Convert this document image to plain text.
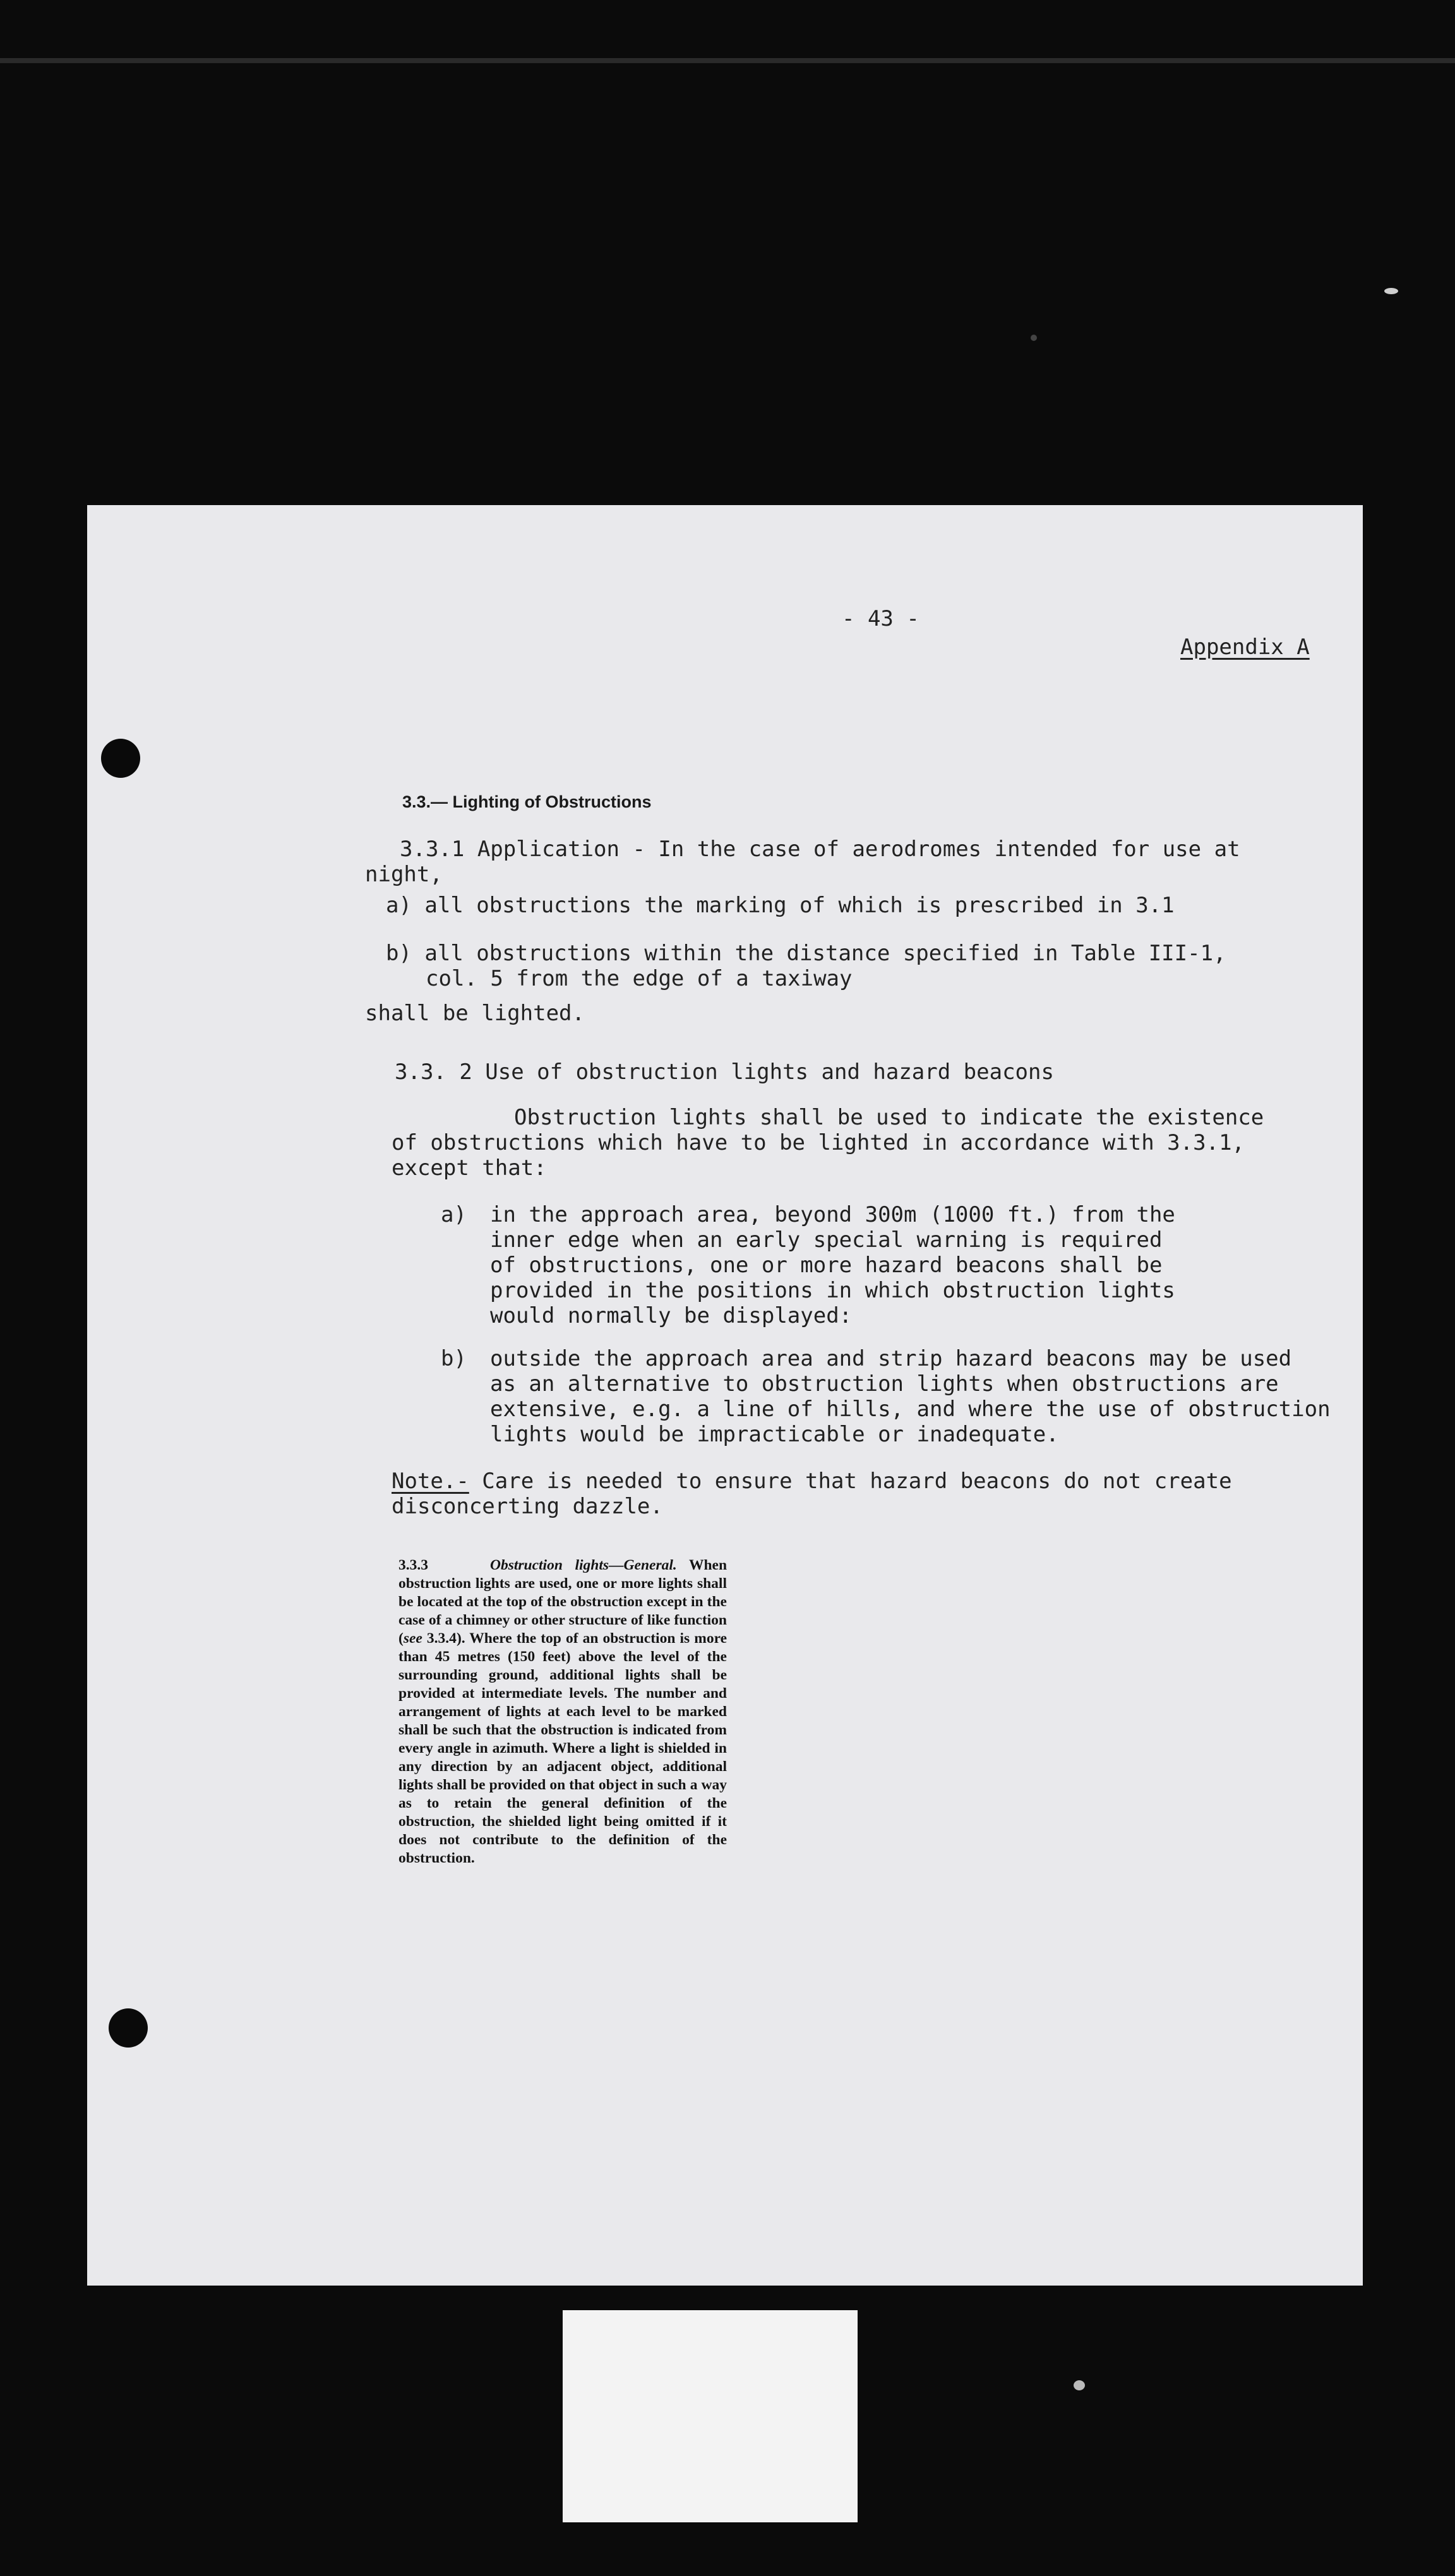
- 43 -
Appendix A
3.3.— Lighting of Obstructions
3.3.1 Application - In the case of aerodromes intended for use at
night,
a) all obstructions the marking of which is prescribed in 3.1
b) all obstructions within the distance specified in Table III-1,
col. 5 from the edge of a taxiway
shall be lighted.
3.3. 2 Use of obstruction lights and hazard beacons
Obstruction lights shall be used to indicate the existence
of obstructions which have to be lighted in accordance with 3.3.1,
except that:
a) in the approach area, beyond 300m (1000 ft.) from the
inner edge when an early special warning is required
of obstructions, one or more hazard beacons shall be
provided in the positions in which obstruction lights
would normally be displayed:
b) outside the approach area and strip hazard beacons may be used
as an alternative to obstruction lights when obstructions are
extensive, e.g. a line of hills, and where the use of obstruction
lights would be impracticable or inadequate.
Note.- Care is needed to ensure that hazard beacons do not create
disconcerting dazzle.
3.3.3	Obstruction lights—General. When obstruction lights are used, one or more lights shall be located at the top of the obstruction except in the case of a chimney or other structure of like function (see 3.3.4). Where the top of an obstruction is more than 45 metres (150 feet) above the level of the surrounding ground, additional lights shall be provided at intermediate levels. The number and arrangement of lights at each level to be marked shall be such that the obstruction is indicated from every angle in azimuth. Where a light is shielded in any direction by an adjacent object, additional lights shall be provided on that object in such a way as to retain the general definition of the obstruction, the shielded light being omitted if it does not contribute to the definition of the obstruction.
